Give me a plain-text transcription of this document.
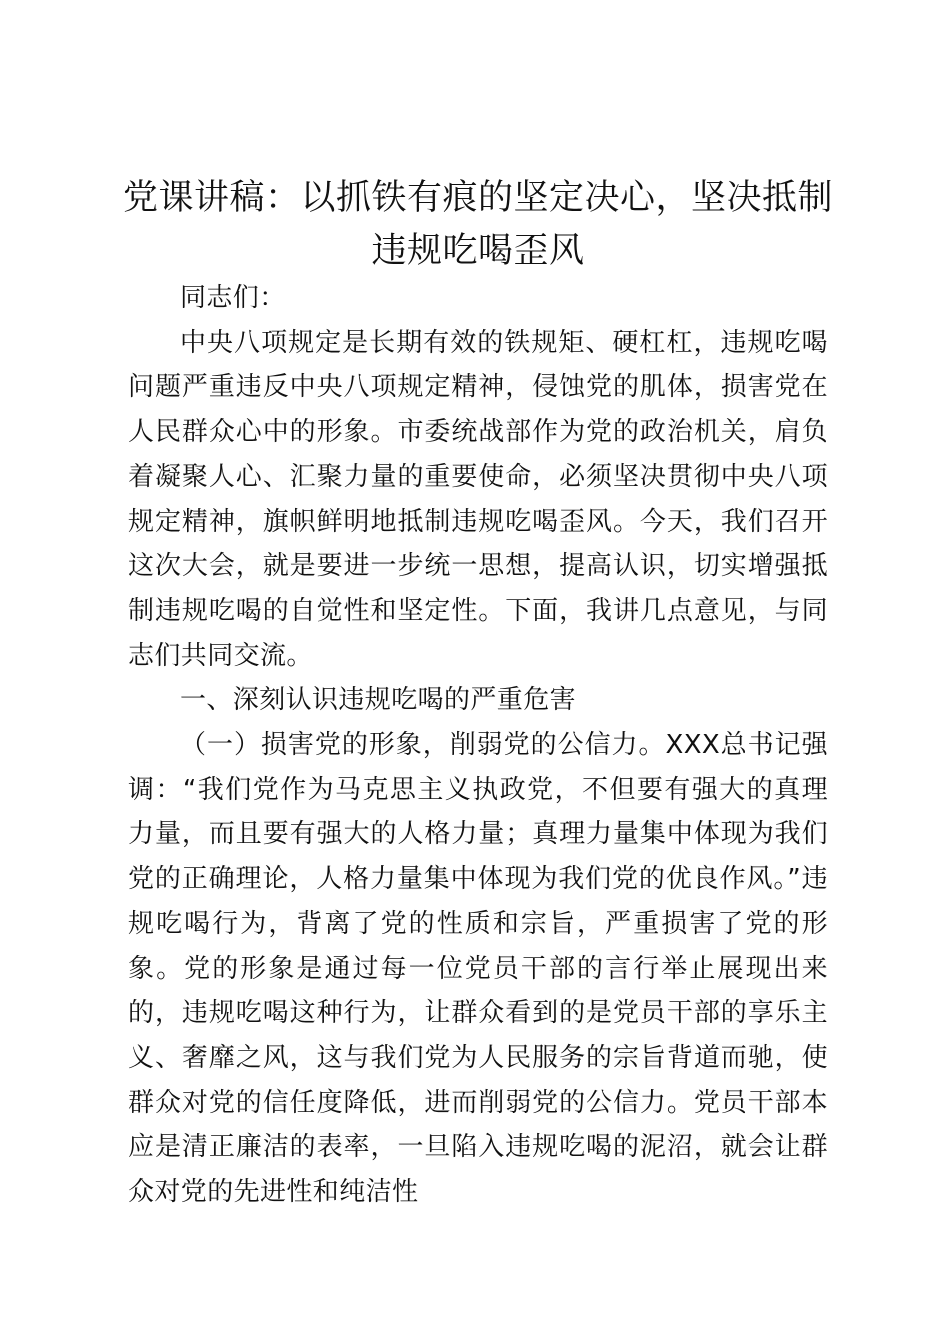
党课讲稿：以抓铁有痕的坚定决心，坚决抵制
违规吃喝歪风

同志们：

中央八项规定是长期有效的铁规矩、硬杠杠，违规吃喝问题严重违反中央八项规定精神，侵蚀党的肌体，损害党在人民群众心中的形象。市委统战部作为党的政治机关，肩负着凝聚人心、汇聚力量的重要使命，必须坚决贯彻中央八项规定精神，旗帜鲜明地抵制违规吃喝歪风。今天，我们召开这次大会，就是要进一步统一思想，提高认识，切实增强抵制违规吃喝的自觉性和坚定性。下面，我讲几点意见，与同志们共同交流。

一、深刻认识违规吃喝的严重危害

（一）损害党的形象，削弱党的公信力。XXX总书记强调：“我们党作为马克思主义执政党，不但要有强大的真理力量，而且要有强大的人格力量；真理力量集中体现为我们党的正确理论，人格力量集中体现为我们党的优良作风。”违规吃喝行为，背离了党的性质和宗旨，严重损害了党的形象。党的形象是通过每一位党员干部的言行举止展现出来的，违规吃喝这种行为，让群众看到的是党员干部的享乐主义、奢靡之风，这与我们党为人民服务的宗旨背道而驰，使群众对党的信任度降低，进而削弱党的公信力。党员干部本应是清正廉洁的表率，一旦陷入违规吃喝的泥沼，就会让群众对党的先进性和纯洁性
